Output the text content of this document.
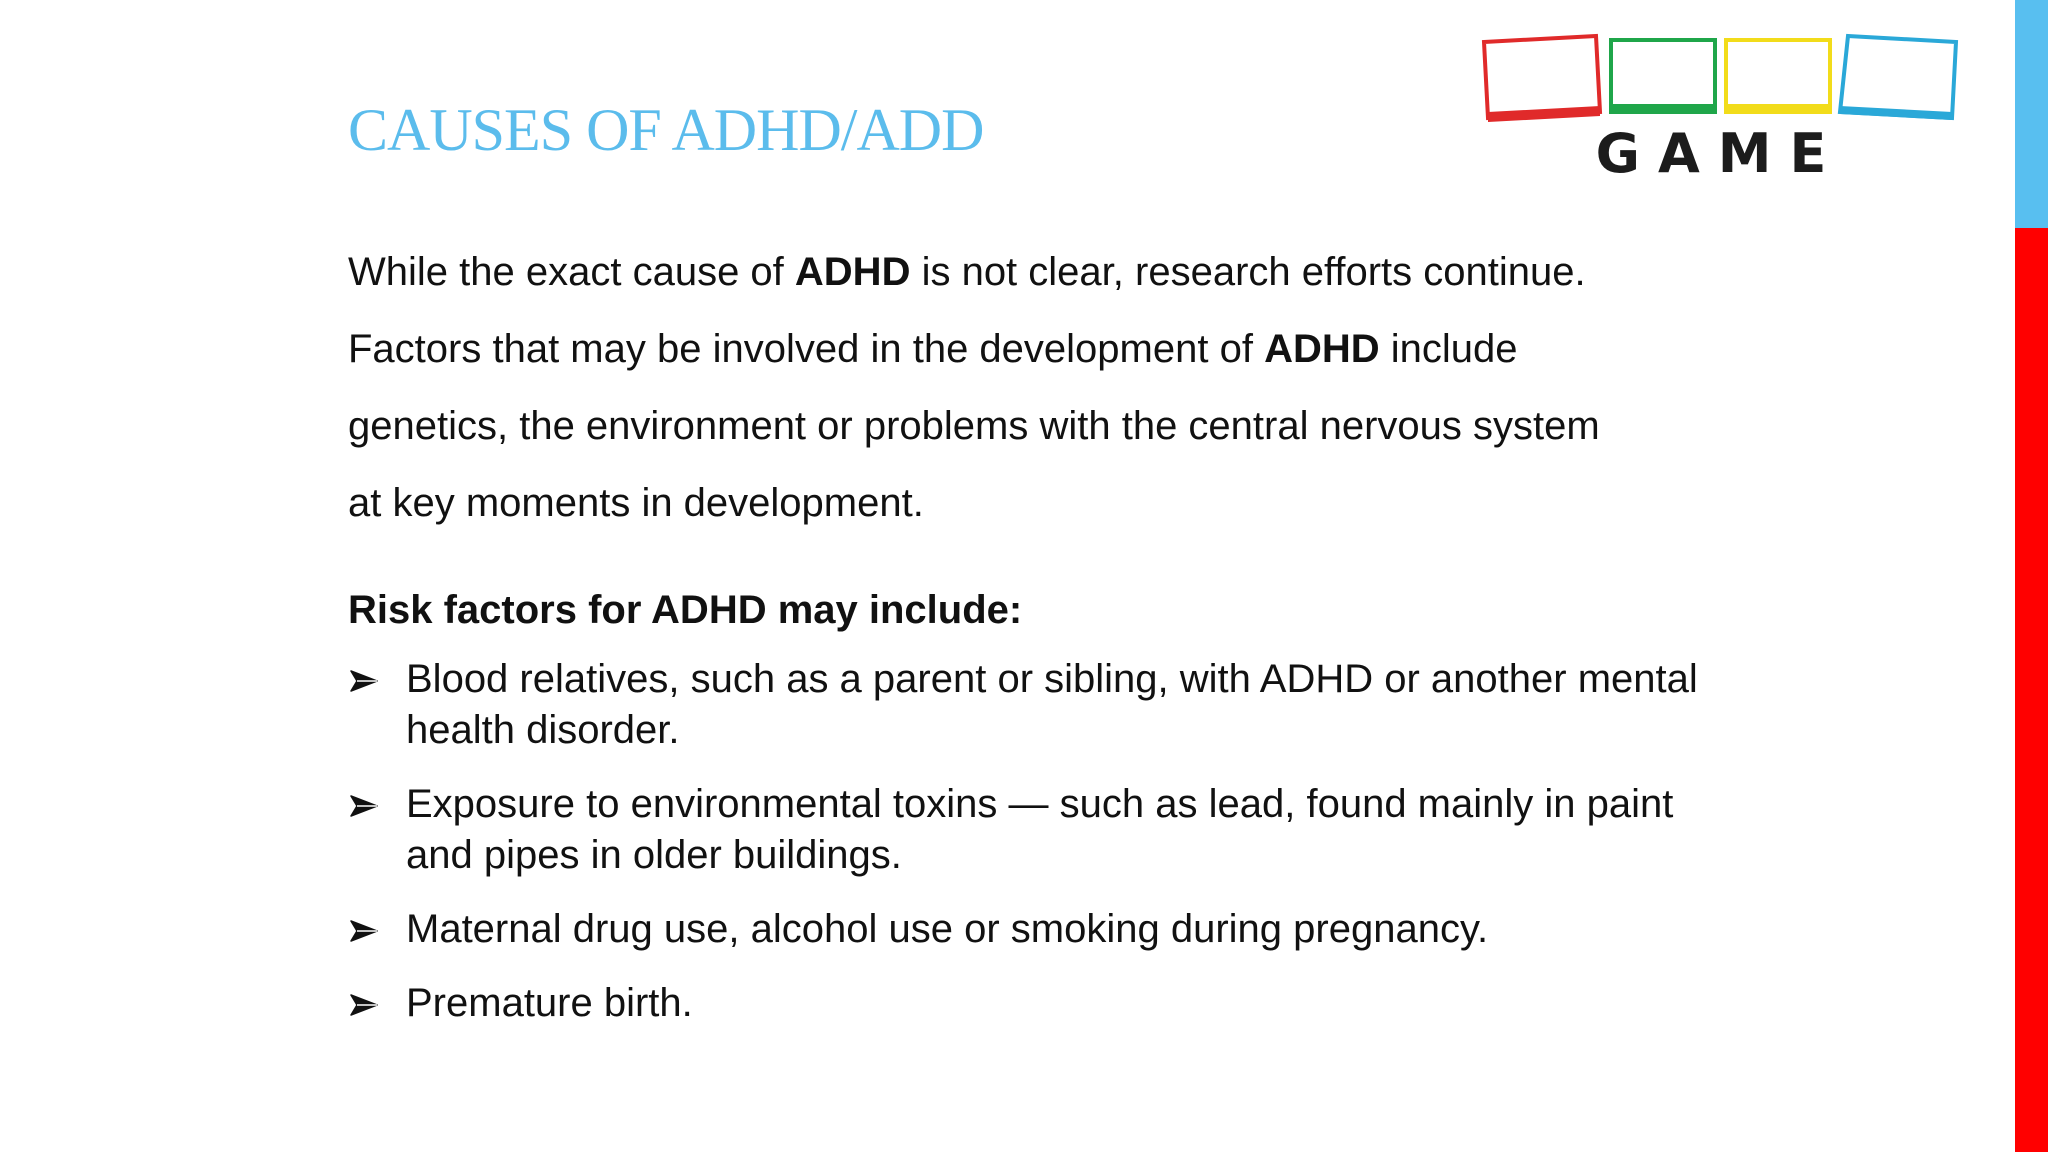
CAUSES OF ADHD/ADD	GAME

While the exact cause of ADHD is not clear, research efforts continue.

Factors that may be involved in the development of ADHD include

genetics, the environment or problems with the central nervous system

at key moments in development.

Risk factors for ADHD may include:
Blood relatives, such as a parent or sibling, with ADHD or another mental health disorder.
Exposure to environmental toxins — such as lead, found mainly in paint and pipes in older buildings.
Maternal drug use, alcohol use or smoking during pregnancy.
Premature birth.
